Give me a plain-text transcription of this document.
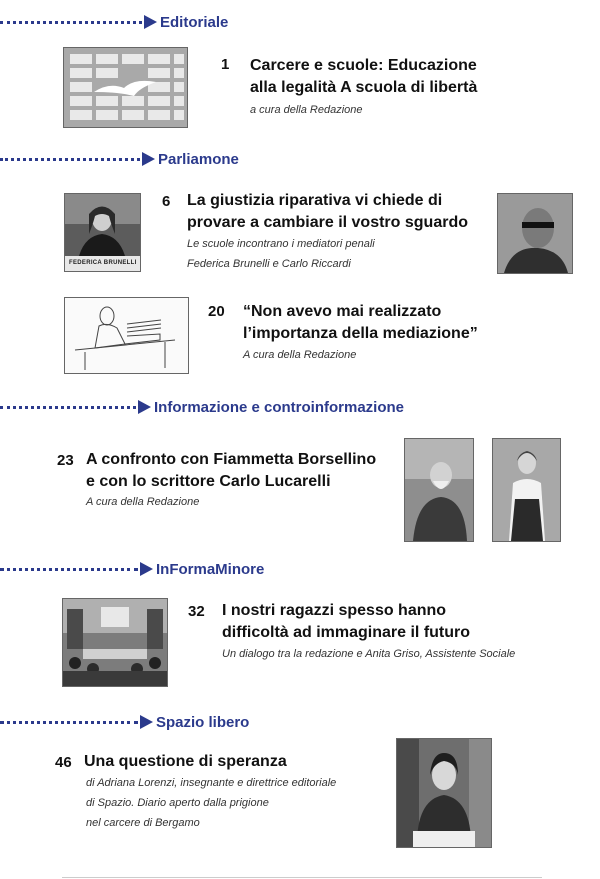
Editoriale
1 Carcere e scuole: Educazione
alla legalità A scuola di libertà
a cura della Redazione
Parliamone
FEDERICA BRUNELLI
6 La giustizia riparativa vi chiede di
provare a cambiare il vostro sguardo
Le scuole incontrano i mediatori penali
Federica Brunelli e Carlo Riccardi
20 “Non avevo mai realizzato
l’importanza della mediazione”
A cura della Redazione
Informazione e controinformazione
23 A confronto con Fiammetta Borsellino
e con lo scrittore Carlo Lucarelli
A cura della Redazione
InFormaMinore
32 I nostri ragazzi spesso hanno
difficoltà ad immaginare il futuro
Un dialogo tra la redazione e Anita Griso, Assistente Sociale
Spazio libero
46 Una questione di speranza
di Adriana Lorenzi, insegnante e direttrice editoriale
di Spazio. Diario aperto dalla prigione
nel carcere di Bergamo
